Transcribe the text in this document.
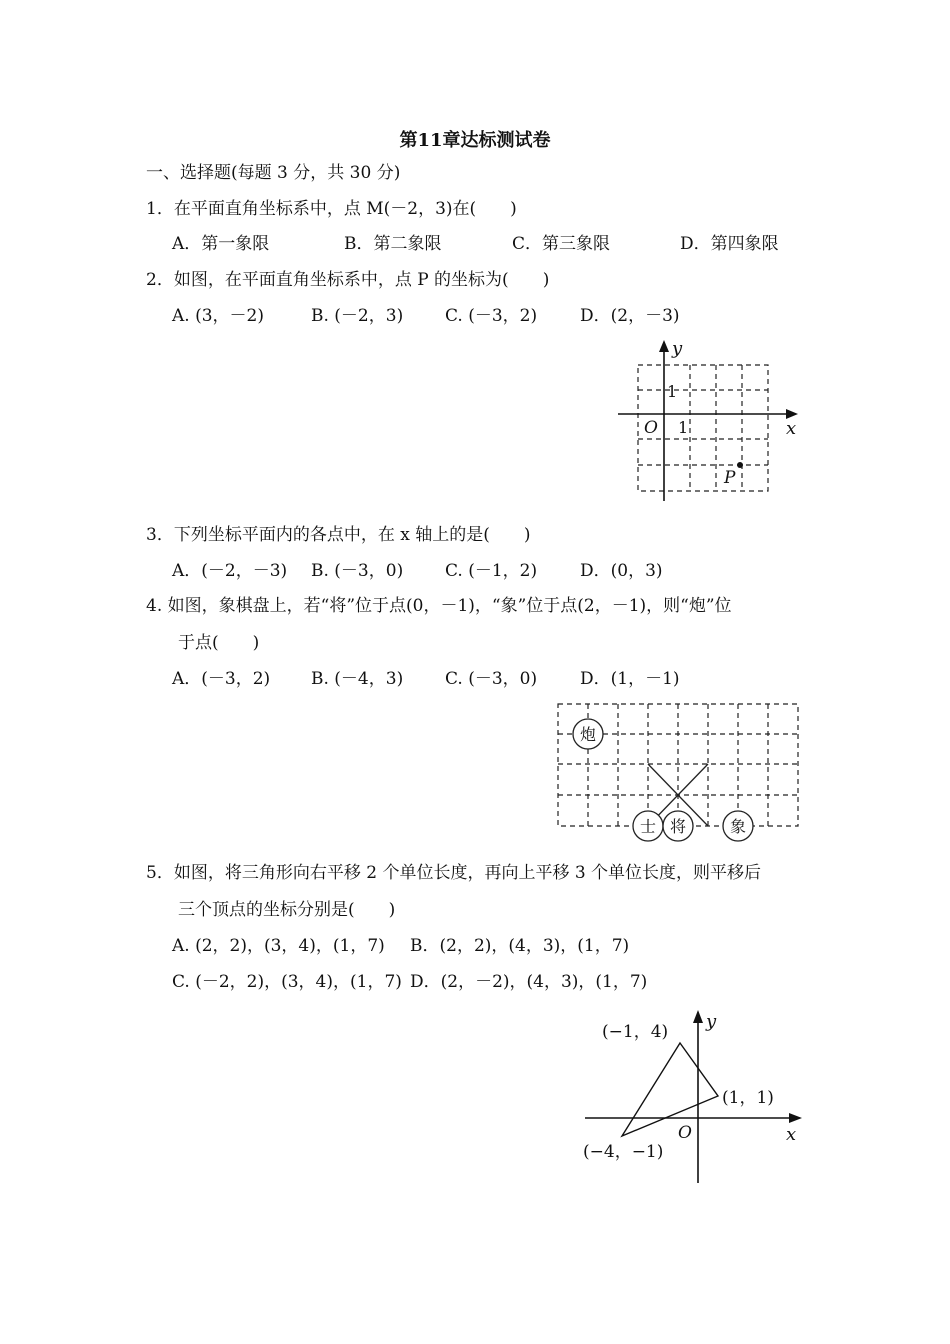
第11章达标测试卷
一、选择题(每题 3 分，共 30 分)
1．在平面直角坐标系中，点 M(－2，3)在(　　)
A．第一象限	B．第二象限	C．第三象限	D．第四象限
2．如图，在平面直角坐标系中，点 P 的坐标为(　　)
A. (3，－2)	B. (－2，3) C. (－3，2)	D．(2，－3)
y
x
O 1
1
P
3．下列坐标平面内的各点中，在 x 轴上的是(　　)
A．(－2，－3) B. (－3，0) C. (－1，2)	D．(0，3)
4. 如图，象棋盘上，若“将”位于点(0，－1)，“象”位于点(2，－1)，则“炮”位
于点(　　)
A．(－3，2) B. (－4，3) C. (－3，0)	D．(1，－1)
炮
士 将	象
5．如图，将三角形向右平移 2 个单位长度，再向上平移 3 个单位长度，则平移后
三个顶点的坐标分别是(　　)
A. (2，2)，(3，4)，(1，7) B．(2，2)，(4，3)，(1，7)
C. (－2，2)，(3，4)，(1，7) D．(2，－2)，(4，3)，(1，7)
y
x
O
(−1，4)
(1，1)
(−4，−1)
